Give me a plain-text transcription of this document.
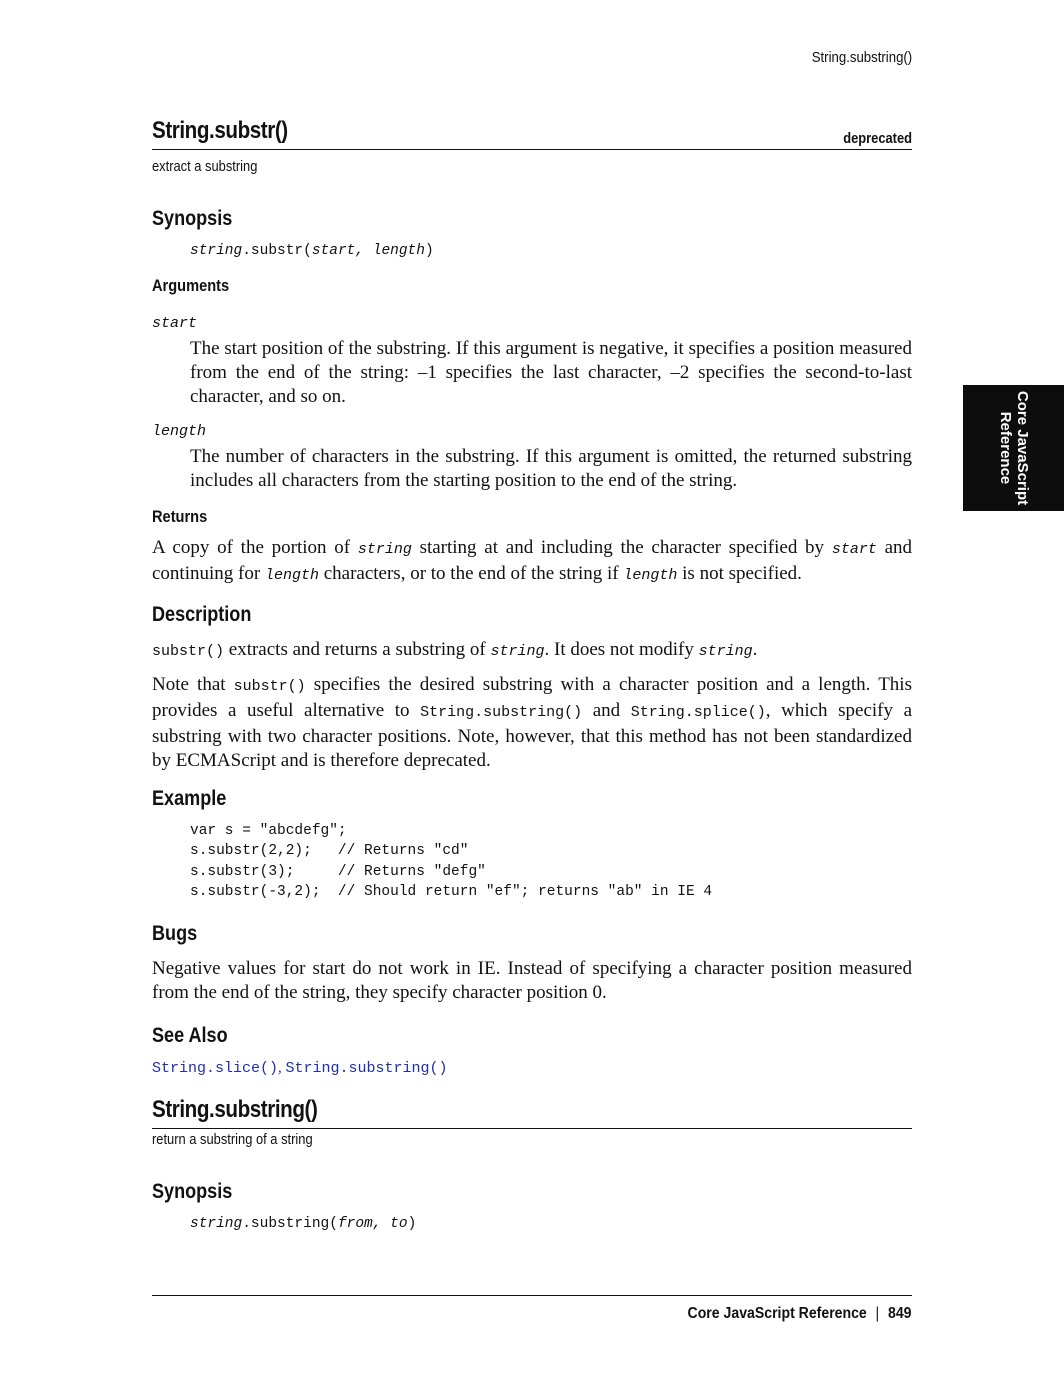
String.substring()
String.substr()	deprecated
extract a substring
Synopsis
string.substr(start, length)
Arguments
start
The start position of the substring. If this argument is negative, it specifies a position measured from the end of the string: –1 specifies the last character, –2 specifies the second-to-last character, and so on.
length
The number of characters in the substring. If this argument is omitted, the returned substring includes all characters from the starting position to the end of the string.
Returns
A copy of the portion of string starting at and including the character specified by start and continuing for length characters, or to the end of the string if length is not specified.
Description
substr() extracts and returns a substring of string. It does not modify string.
Note that substr() specifies the desired substring with a character position and a length. This provides a useful alternative to String.substring() and String.splice(), which specify a substring with two character positions. Note, however, that this method has not been standardized by ECMAScript and is therefore deprecated.
Example
var s = "abcdefg";
s.substr(2,2);   // Returns "cd"
s.substr(3);     // Returns "defg"
s.substr(-3,2);  // Should return "ef"; returns "ab" in IE 4
Bugs
Negative values for start do not work in IE. Instead of specifying a character position measured from the end of the string, they specify character position 0.
See Also
String.slice(), String.substring()
String.substring()
return a substring of a string
Synopsis
string.substring(from, to)
Core JavaScript
Reference
Core JavaScript Reference | 849
